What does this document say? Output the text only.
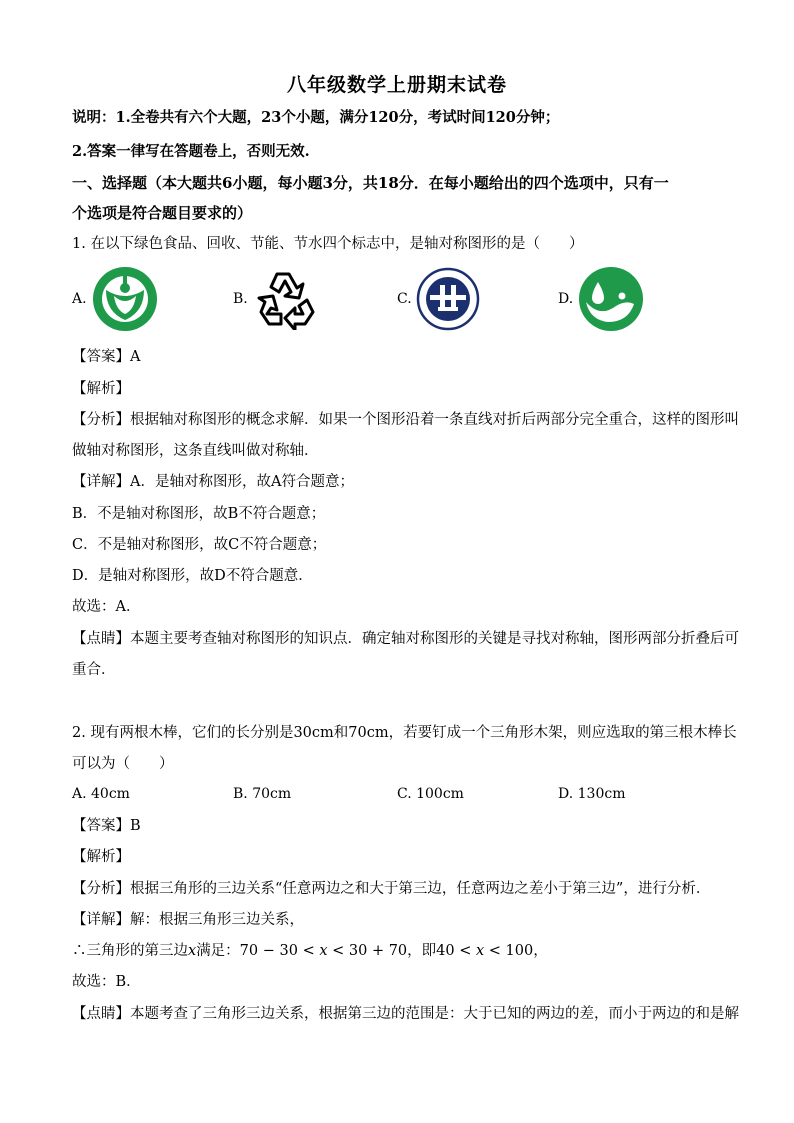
八年级数学上册期末试卷
说明：1.全卷共有六个大题，23个小题，满分120分，考试时间120分钟；
2.答案一律写在答题卷上，否则无效.
一、选择题（本大题共6小题，每小题3分，共18分．在每小题给出的四个选项中，只有一
个选项是符合题目要求的）
1. 在以下绿色食品、回收、节能、节水四个标志中，是轴对称图形的是（　　）
A.	B.	C.	D.
【答案】A
【解析】
【分析】根据轴对称图形的概念求解．如果一个图形沿着一条直线对折后两部分完全重合，这样的图形叫
做轴对称图形，这条直线叫做对称轴．
【详解】A．是轴对称图形，故A符合题意；
B．不是轴对称图形，故B不符合题意；
C．不是轴对称图形，故C不符合题意；
D．是轴对称图形，故D不符合题意．
故选：A．
【点睛】本题主要考查轴对称图形的知识点．确定轴对称图形的关键是寻找对称轴，图形两部分折叠后可
重合．
2. 现有两根木棒，它们的长分别是30cm和70cm，若要钉成一个三角形木架，则应选取的第三根木棒长
可以为（　　）
A. 40cm	B. 70cm	C. 100cm	D. 130cm
【答案】B
【解析】
【分析】根据三角形的三边关系“任意两边之和大于第三边，任意两边之差小于第三边”，进行分析．
【详解】解：根据三角形三边关系，
∴三角形的第三边x满足：70 − 30 < x < 30 + 70，即40 < x < 100，
故选：B．
【点睛】本题考查了三角形三边关系，根据第三边的范围是：大于已知的两边的差，而小于两边的和是解
